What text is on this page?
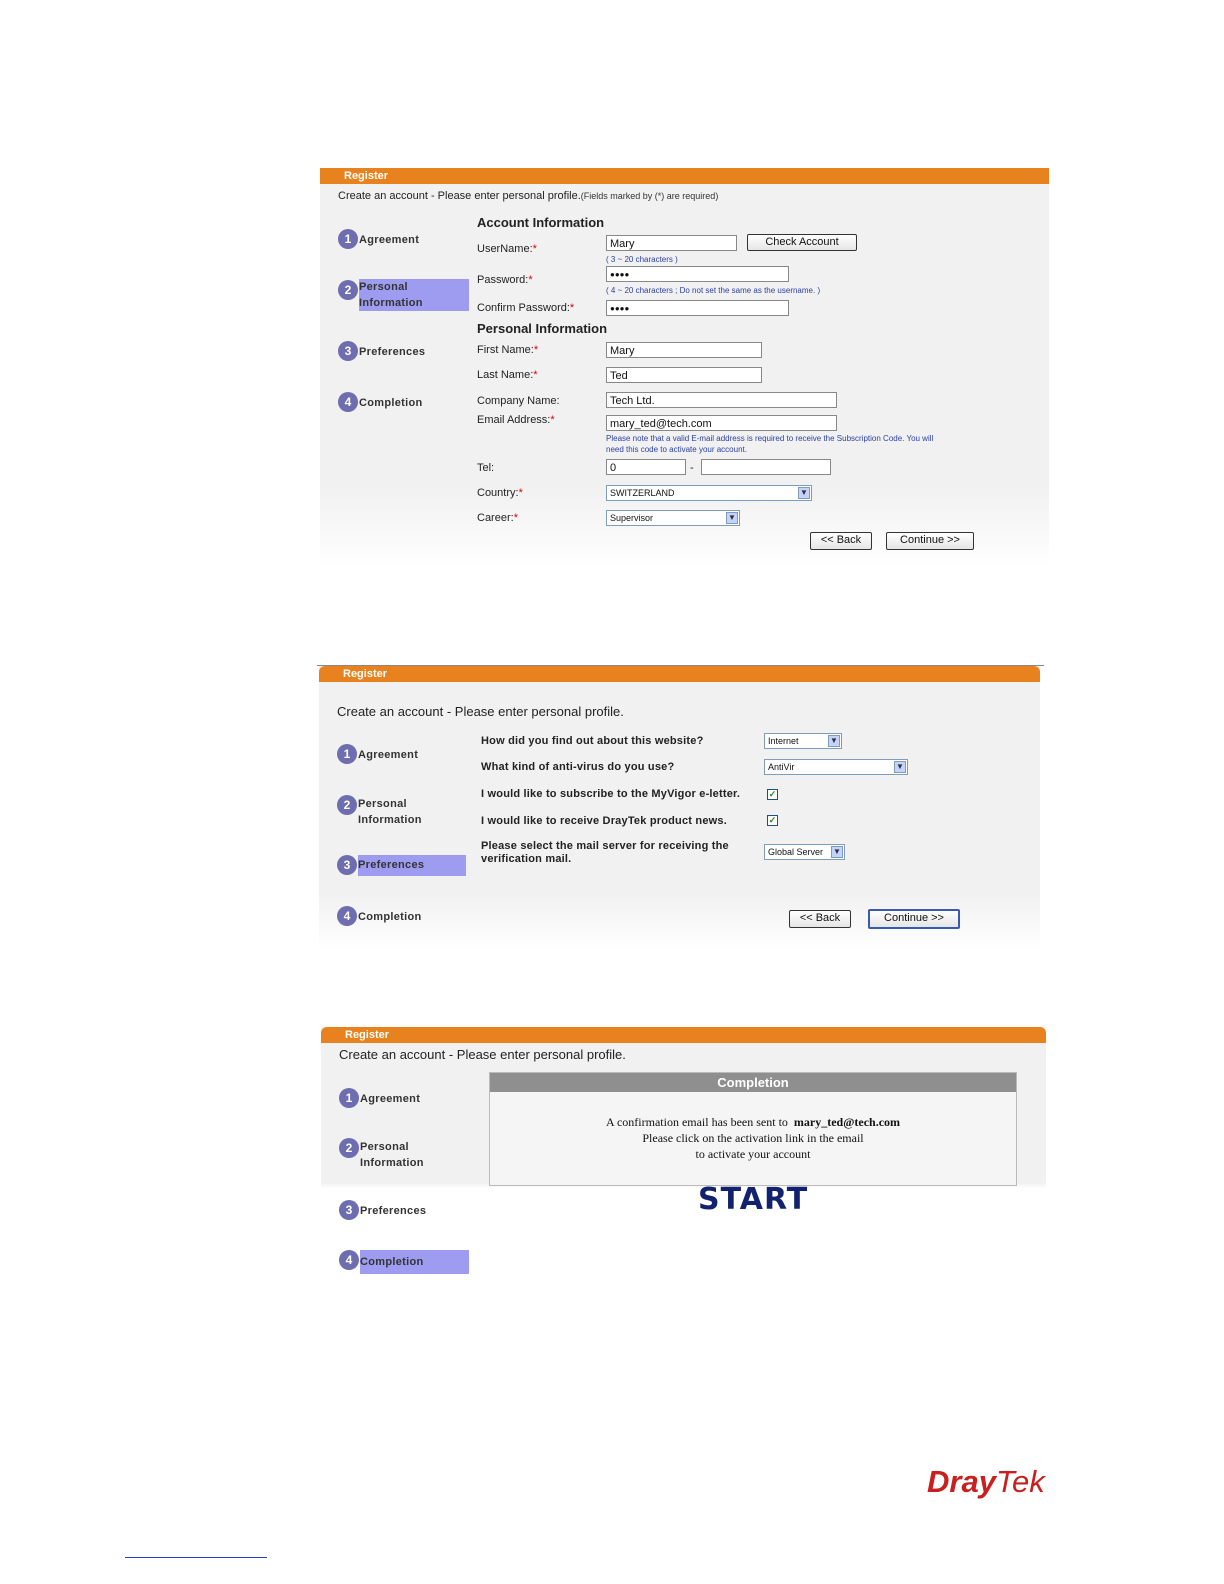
Register
Create an account - Please enter personal profile.(Fields marked by (*) are required)
1 Agreement
2 Personal
Information
3 Preferences
4 Completion
Account Information
UserName:*	Mary	Check Account
( 3 ~ 20 characters )
Password:*	●●●●
( 4 ~ 20 characters ; Do not set the same as the username. )
Confirm Password:*	●●●●
Personal Information
First Name:*	Mary
Last Name:*	Ted
Company Name:	Tech Ltd.
Email Address:*	mary_ted@tech.com
Please note that a valid E-mail address is required to receive the Subscription Code. You will
need this code to activate your account.
Tel:	0	-
Country:*	SWITZERLAND	▼
Career:*	Supervisor	▼
<< Back	Continue >>
Register
Create an account - Please enter personal profile.
1 Agreement
2 Personal
Information
3 Preferences
4 Completion
How did you find out about this website?	Internet	▼
What kind of anti-virus do you use?	AntiVir	▼
I would like to subscribe to the MyVigor e-letter.	✓
I would like to receive DrayTek product news.	✓
Please select the mail server for receiving the
verification mail.
Global Server ▼
<< Back	Continue >>
Register
Create an account - Please enter personal profile.
1 Agreement
2 Personal
Information
3 Preferences
4 Completion
Completion
A confirmation email has been sent to mary_ted@tech.com
Please click on the activation link in the email
to activate your account
START
DrayTek
